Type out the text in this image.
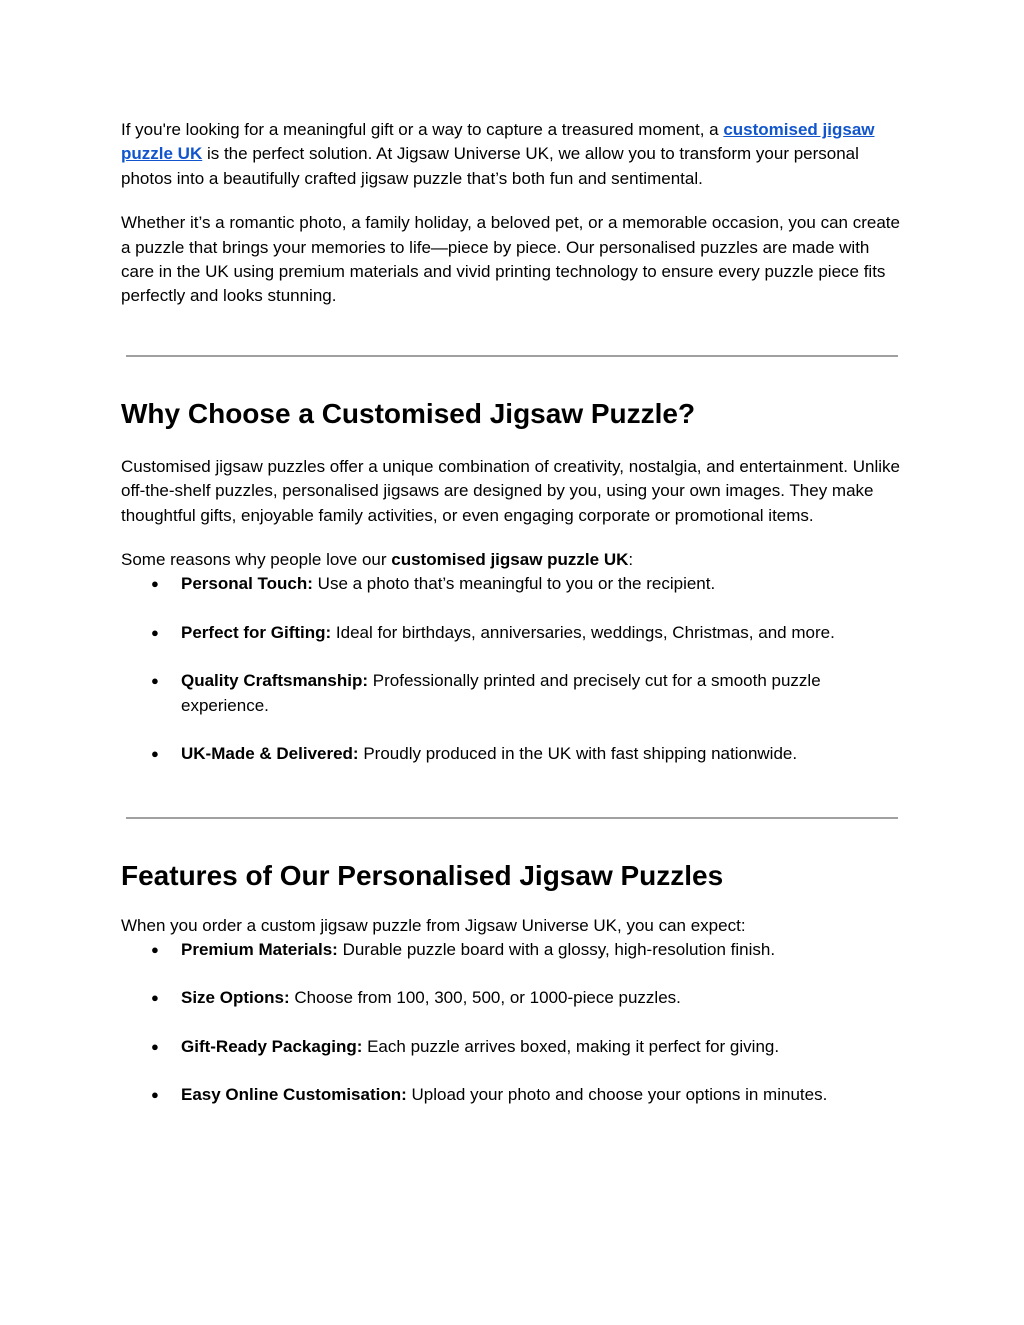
If you're looking for a meaningful gift or a way to capture a treasured moment, a customised jigsaw puzzle UK is the perfect solution. At Jigsaw Universe UK, we allow you to transform your personal photos into a beautifully crafted jigsaw puzzle that’s both fun and sentimental.

Whether it’s a romantic photo, a family holiday, a beloved pet, or a memorable occasion, you can create a puzzle that brings your memories to life—piece by piece. Our personalised puzzles are made with care in the UK using premium materials and vivid printing technology to ensure every puzzle piece fits perfectly and looks stunning.

Why Choose a Customised Jigsaw Puzzle?

Customised jigsaw puzzles offer a unique combination of creativity, nostalgia, and entertainment. Unlike off-the-shelf puzzles, personalised jigsaws are designed by you, using your own images. They make thoughtful gifts, enjoyable family activities, or even engaging corporate or promotional items.

Some reasons why people love our customised jigsaw puzzle UK:

● Personal Touch: Use a photo that’s meaningful to you or the recipient.
● Perfect for Gifting: Ideal for birthdays, anniversaries, weddings, Christmas, and more.
● Quality Craftsmanship: Professionally printed and precisely cut for a smooth puzzle experience.
● UK-Made & Delivered: Proudly produced in the UK with fast shipping nationwide.
Features of Our Personalised Jigsaw Puzzles

When you order a custom jigsaw puzzle from Jigsaw Universe UK, you can expect:

● Premium Materials: Durable puzzle board with a glossy, high-resolution finish.
● Size Options: Choose from 100, 300, 500, or 1000-piece puzzles.
● Gift-Ready Packaging: Each puzzle arrives boxed, making it perfect for giving.
● Easy Online Customisation: Upload your photo and choose your options in minutes.
